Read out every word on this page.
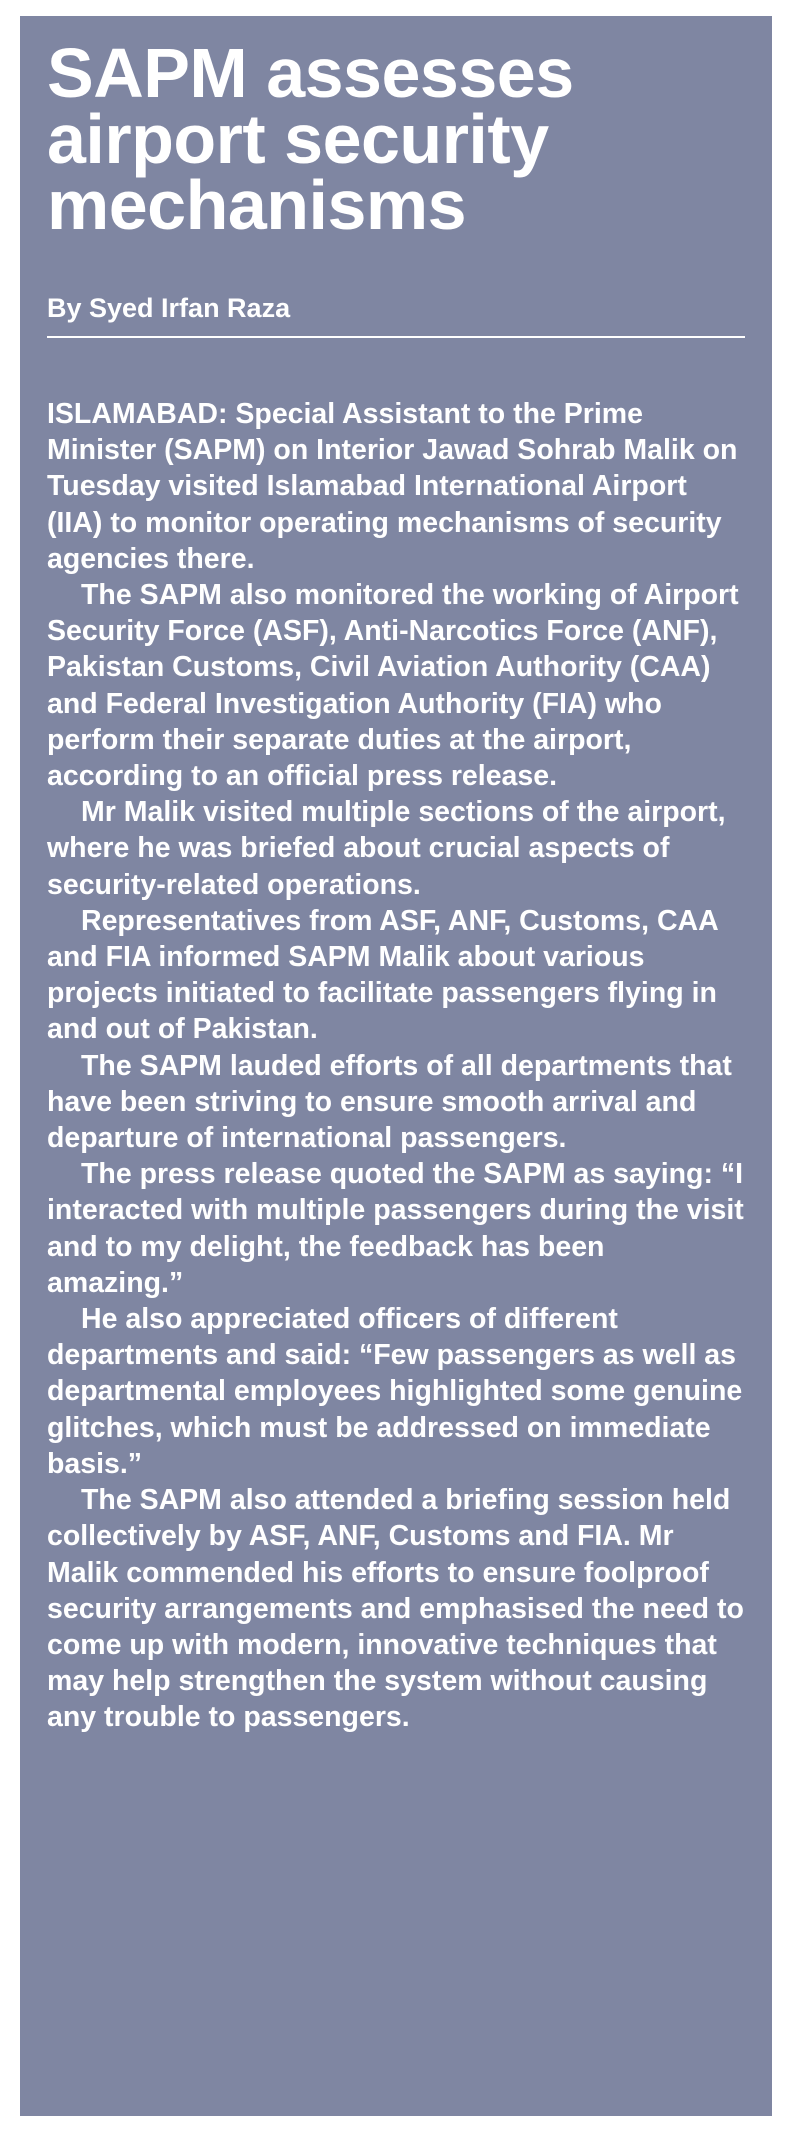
SAPM assesses airport security mechanisms
By Syed Irfan Raza

ISLAMABAD: Special Assistant to the Prime Minister (SAPM) on Interior Jawad Sohrab Malik on Tuesday visited Islamabad International Airport (IIA) to monitor operating mechanisms of security agencies there.

The SAPM also monitored the working of Airport Security Force (ASF), Anti-Narcotics Force (ANF), Pakistan Customs, Civil Aviation Authority (CAA) and Federal Investigation Authority (FIA) who perform their separate duties at the airport, according to an official press release.

Mr Malik visited multiple sections of the airport, where he was briefed about crucial aspects of security-related operations.

Representatives from ASF, ANF, Customs, CAA and FIA informed SAPM Malik about various projects initiated to facilitate passengers flying in and out of Pakistan.

The SAPM lauded efforts of all departments that have been striving to ensure smooth arrival and departure of international passengers.

The press release quoted the SAPM as saying: “I interacted with multiple passengers during the visit and to my delight, the feedback has been amazing.”

He also appreciated officers of different departments and said: “Few passengers as well as departmental employees highlighted some genuine glitches, which must be addressed on immediate basis.”

The SAPM also attended a briefing session held collectively by ASF, ANF, Customs and FIA. Mr Malik commended his efforts to ensure foolproof security arrangements and emphasised the need to come up with modern, innovative techniques that may help strengthen the system without causing any trouble to passengers.
